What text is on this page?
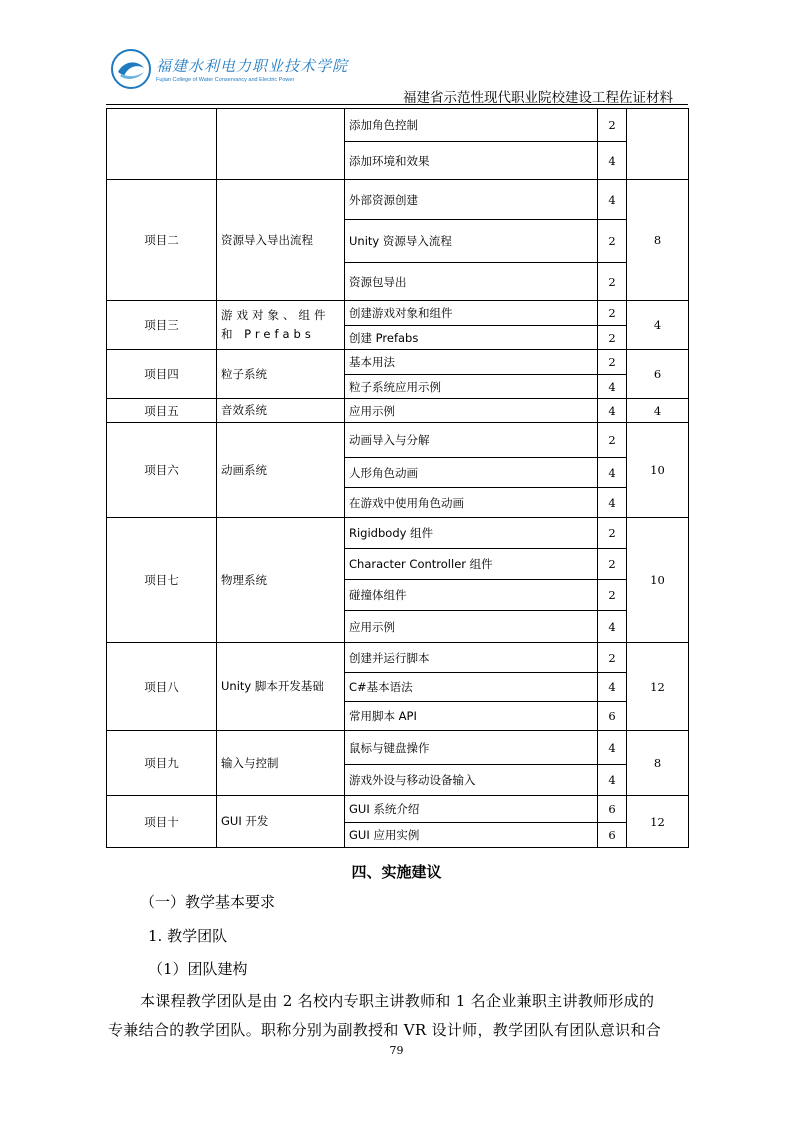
福建水利电力职业技术学院
Fujian College of Water Conservancy and Electric Power
福建省示范性现代职业院校建设工程佐证材料
		添加角色控制	2	
		添加环境和效果	4	
项目二	资源导入导出流程	外部资源创建	4	8
		Unity 资源导入流程	2	
		资源包导出	2	
项目三	游戏对象、组件和 Prefabs	创建游戏对象和组件	2	4
		创建 Prefabs	2	
项目四	粒子系统	基本用法	2	6
		粒子系统应用示例	4	
项目五	音效系统	应用示例	4	4
项目六	动画系统	动画导入与分解	2	10
		人形角色动画	4	
		在游戏中使用角色动画	4	
项目七	物理系统	Rigidbody 组件	2	10
		Character Controller 组件	2	
		碰撞体组件	2	
		应用示例	4	
项目八	Unity 脚本开发基础	创建并运行脚本	2	12
		C#基本语法	4	
		常用脚本 API	6	
项目九	输入与控制	鼠标与键盘操作	4	8
		游戏外设与移动设备输入	4	
项目十	GUI 开发	GUI 系统介绍	6	12
		GUI 应用实例	6	
四、实施建议
（一）教学基本要求
1. 教学团队
（1）团队建构
本课程教学团队是由 2 名校内专职主讲教师和 1 名企业兼职主讲教师形成的
专兼结合的教学团队。职称分别为副教授和 VR 设计师，教学团队有团队意识和合
79
